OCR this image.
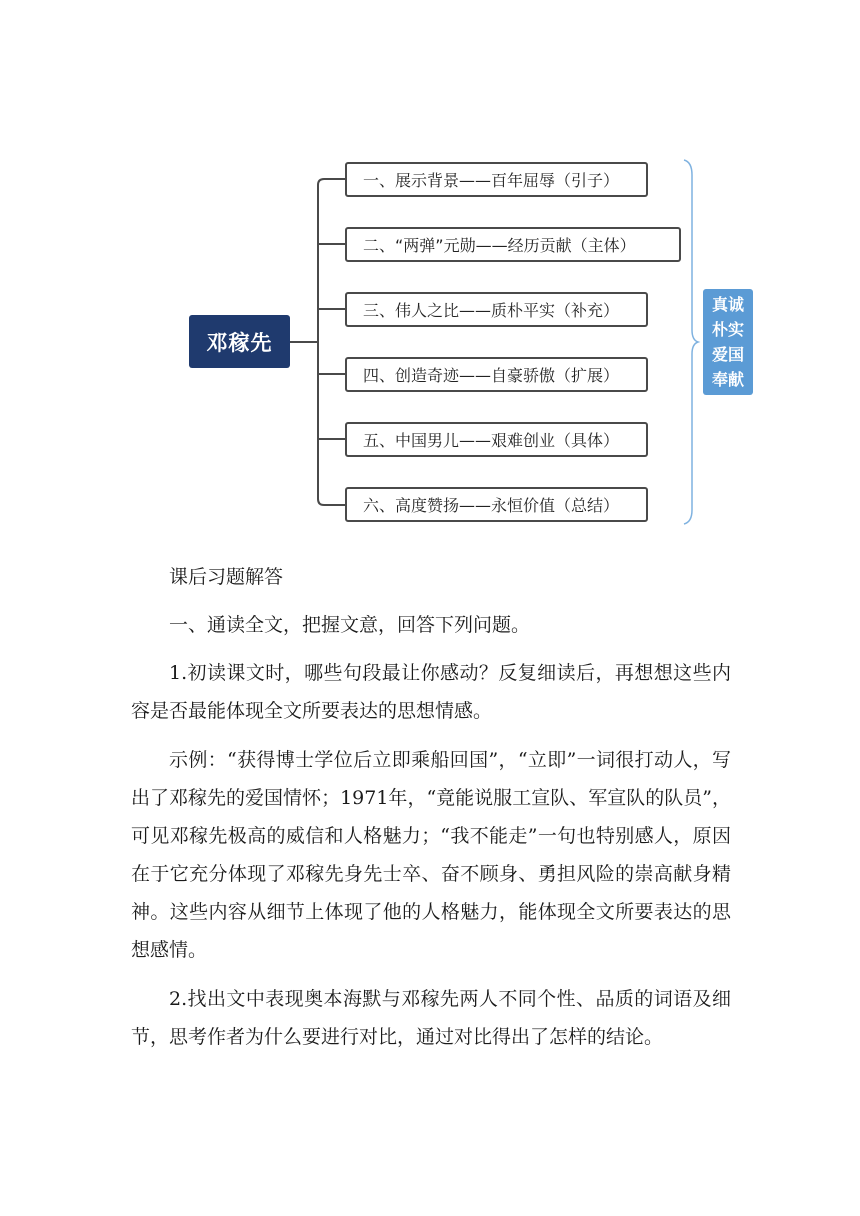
邓稼先
一、展示背景——百年屈辱（引子）
二、“两弹”元勋——经历贡献（主体）
三、伟人之比——质朴平实（补充）
四、创造奇迹——自豪骄傲（扩展）
五、中国男儿——艰难创业（具体）
六、高度赞扬——永恒价值（总结）
真诚
朴实
爱国
奉献

课后习题解答

一、通读全文，把握文意，回答下列问题。

1.初读课文时，哪些句段最让你感动？反复细读后，再想想这些内容是否最能体现全文所要表达的思想情感。

示例：“获得博士学位后立即乘船回国”，“立即”一词很打动人，写出了邓稼先的爱国情怀；1971年，“竟能说服工宣队、军宣队的队员”，可见邓稼先极高的威信和人格魅力；“我不能走”一句也特别感人，原因在于它充分体现了邓稼先身先士卒、奋不顾身、勇担风险的崇高献身精神。这些内容从细节上体现了他的人格魅力，能体现全文所要表达的思想感情。

2.找出文中表现奥本海默与邓稼先两人不同个性、品质的词语及细节，思考作者为什么要进行对比，通过对比得出了怎样的结论。
